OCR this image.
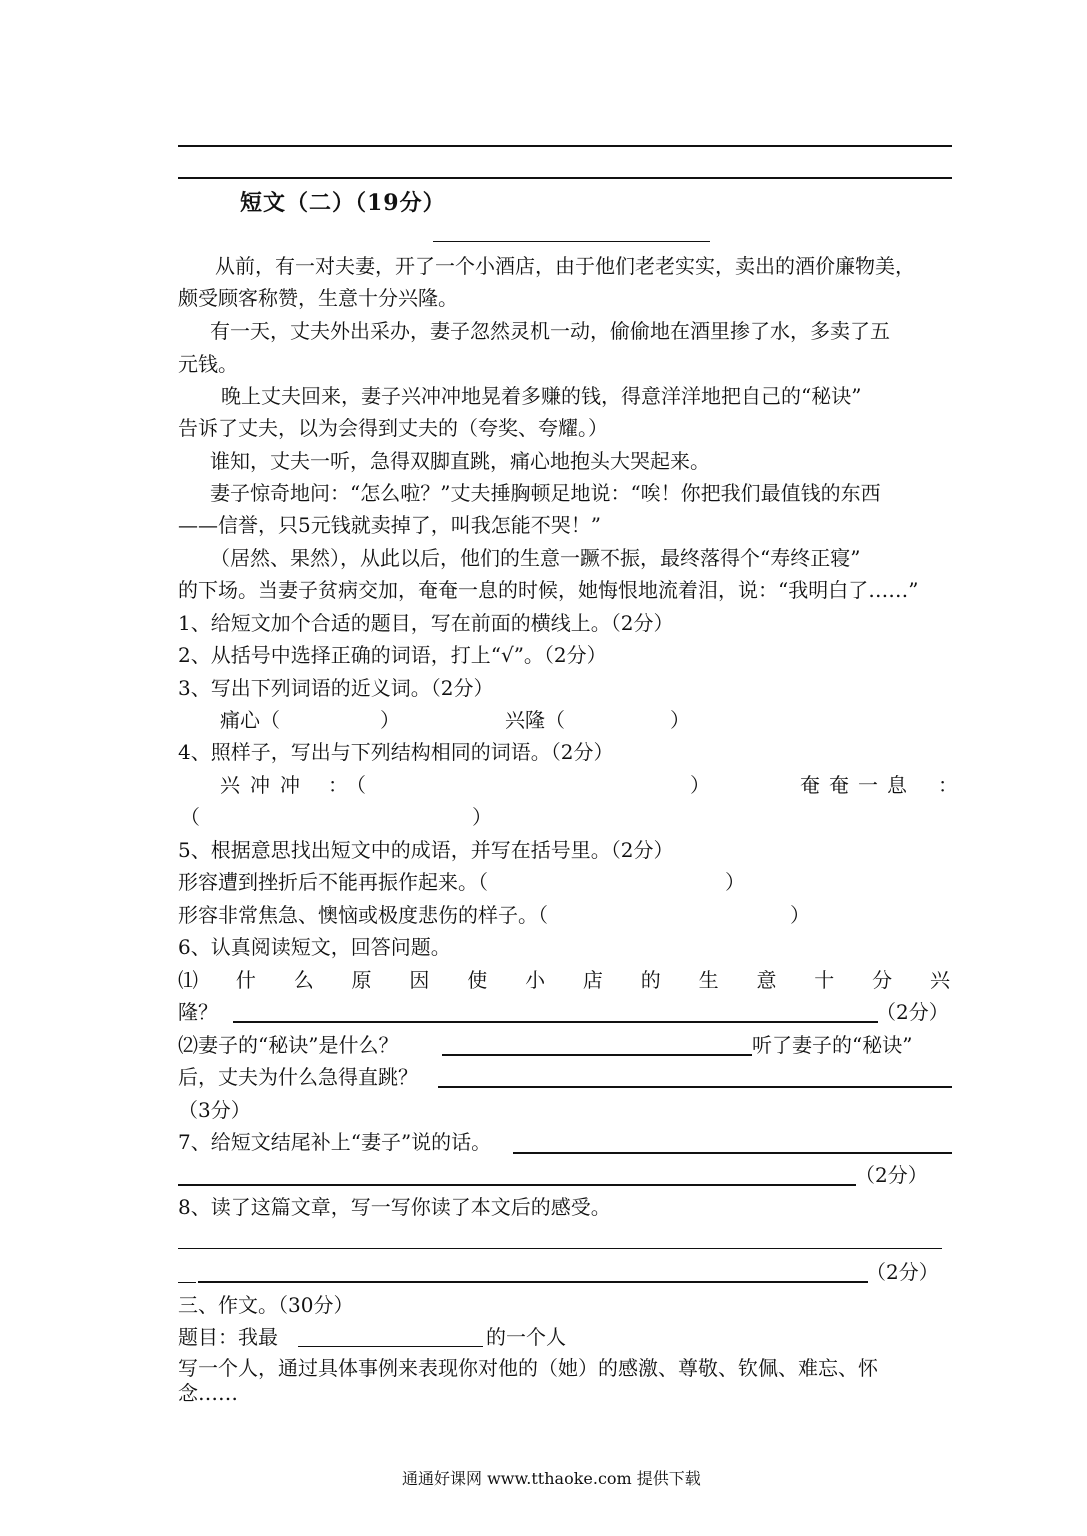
短文（二）（19分）
从前，有一对夫妻，开了一个小酒店，由于他们老老实实，卖出的酒价廉物美，
颇受顾客称赞，生意十分兴隆。
有一天，丈夫外出采办，妻子忽然灵机一动，偷偷地在酒里掺了水，多卖了五
元钱。
晚上丈夫回来，妻子兴冲冲地晃着多赚的钱，得意洋洋地把自己的“秘诀”
告诉了丈夫，以为会得到丈夫的（夸奖、夸耀。）
谁知，丈夫一听，急得双脚直跳，痛心地抱头大哭起来。
妻子惊奇地问：“怎么啦？”丈夫捶胸顿足地说：“唉！你把我们最值钱的东西
——信誉，只5元钱就卖掉了，叫我怎能不哭！”
（居然、果然），从此以后，他们的生意一蹶不振，最终落得个“寿终正寝”
的下场。当妻子贫病交加，奄奄一息的时候，她悔恨地流着泪，说：“我明白了……”
1、给短文加个合适的题目，写在前面的横线上。（2分）
2、从括号中选择正确的词语，打上“√”。（2分）
3、写出下列词语的近义词。（2分）
痛心（	）	兴隆（	）
4、照样子，写出与下列结构相同的词语。（2分）
兴冲冲 ：（	）	奄奄一息 ：
（	）
5、根据意思找出短文中的成语，并写在括号里。（2分）
形容遭到挫折后不能再振作起来。（	）
形容非常焦急、懊恼或极度悲伤的样子。（	）
6、认真阅读短文，回答问题。
⑴ 什 么 原 因 使 小 店 的 生 意 十 分 兴
隆？	（2分）
⑵妻子的“秘诀”是什么？	听了妻子的“秘诀”
后，丈夫为什么急得直跳？
（3分）
7、给短文结尾补上“妻子”说的话。
（2分）
8、读了这篇文章，写一写你读了本文后的感受。
（2分）
三、作文。（30分）
题目：我最	的一个人
写一个人，通过具体事例来表现你对他的（她）的感激、尊敬、钦佩、难忘、怀
念……
通通好课网 www.tthaoke.com 提供下载
